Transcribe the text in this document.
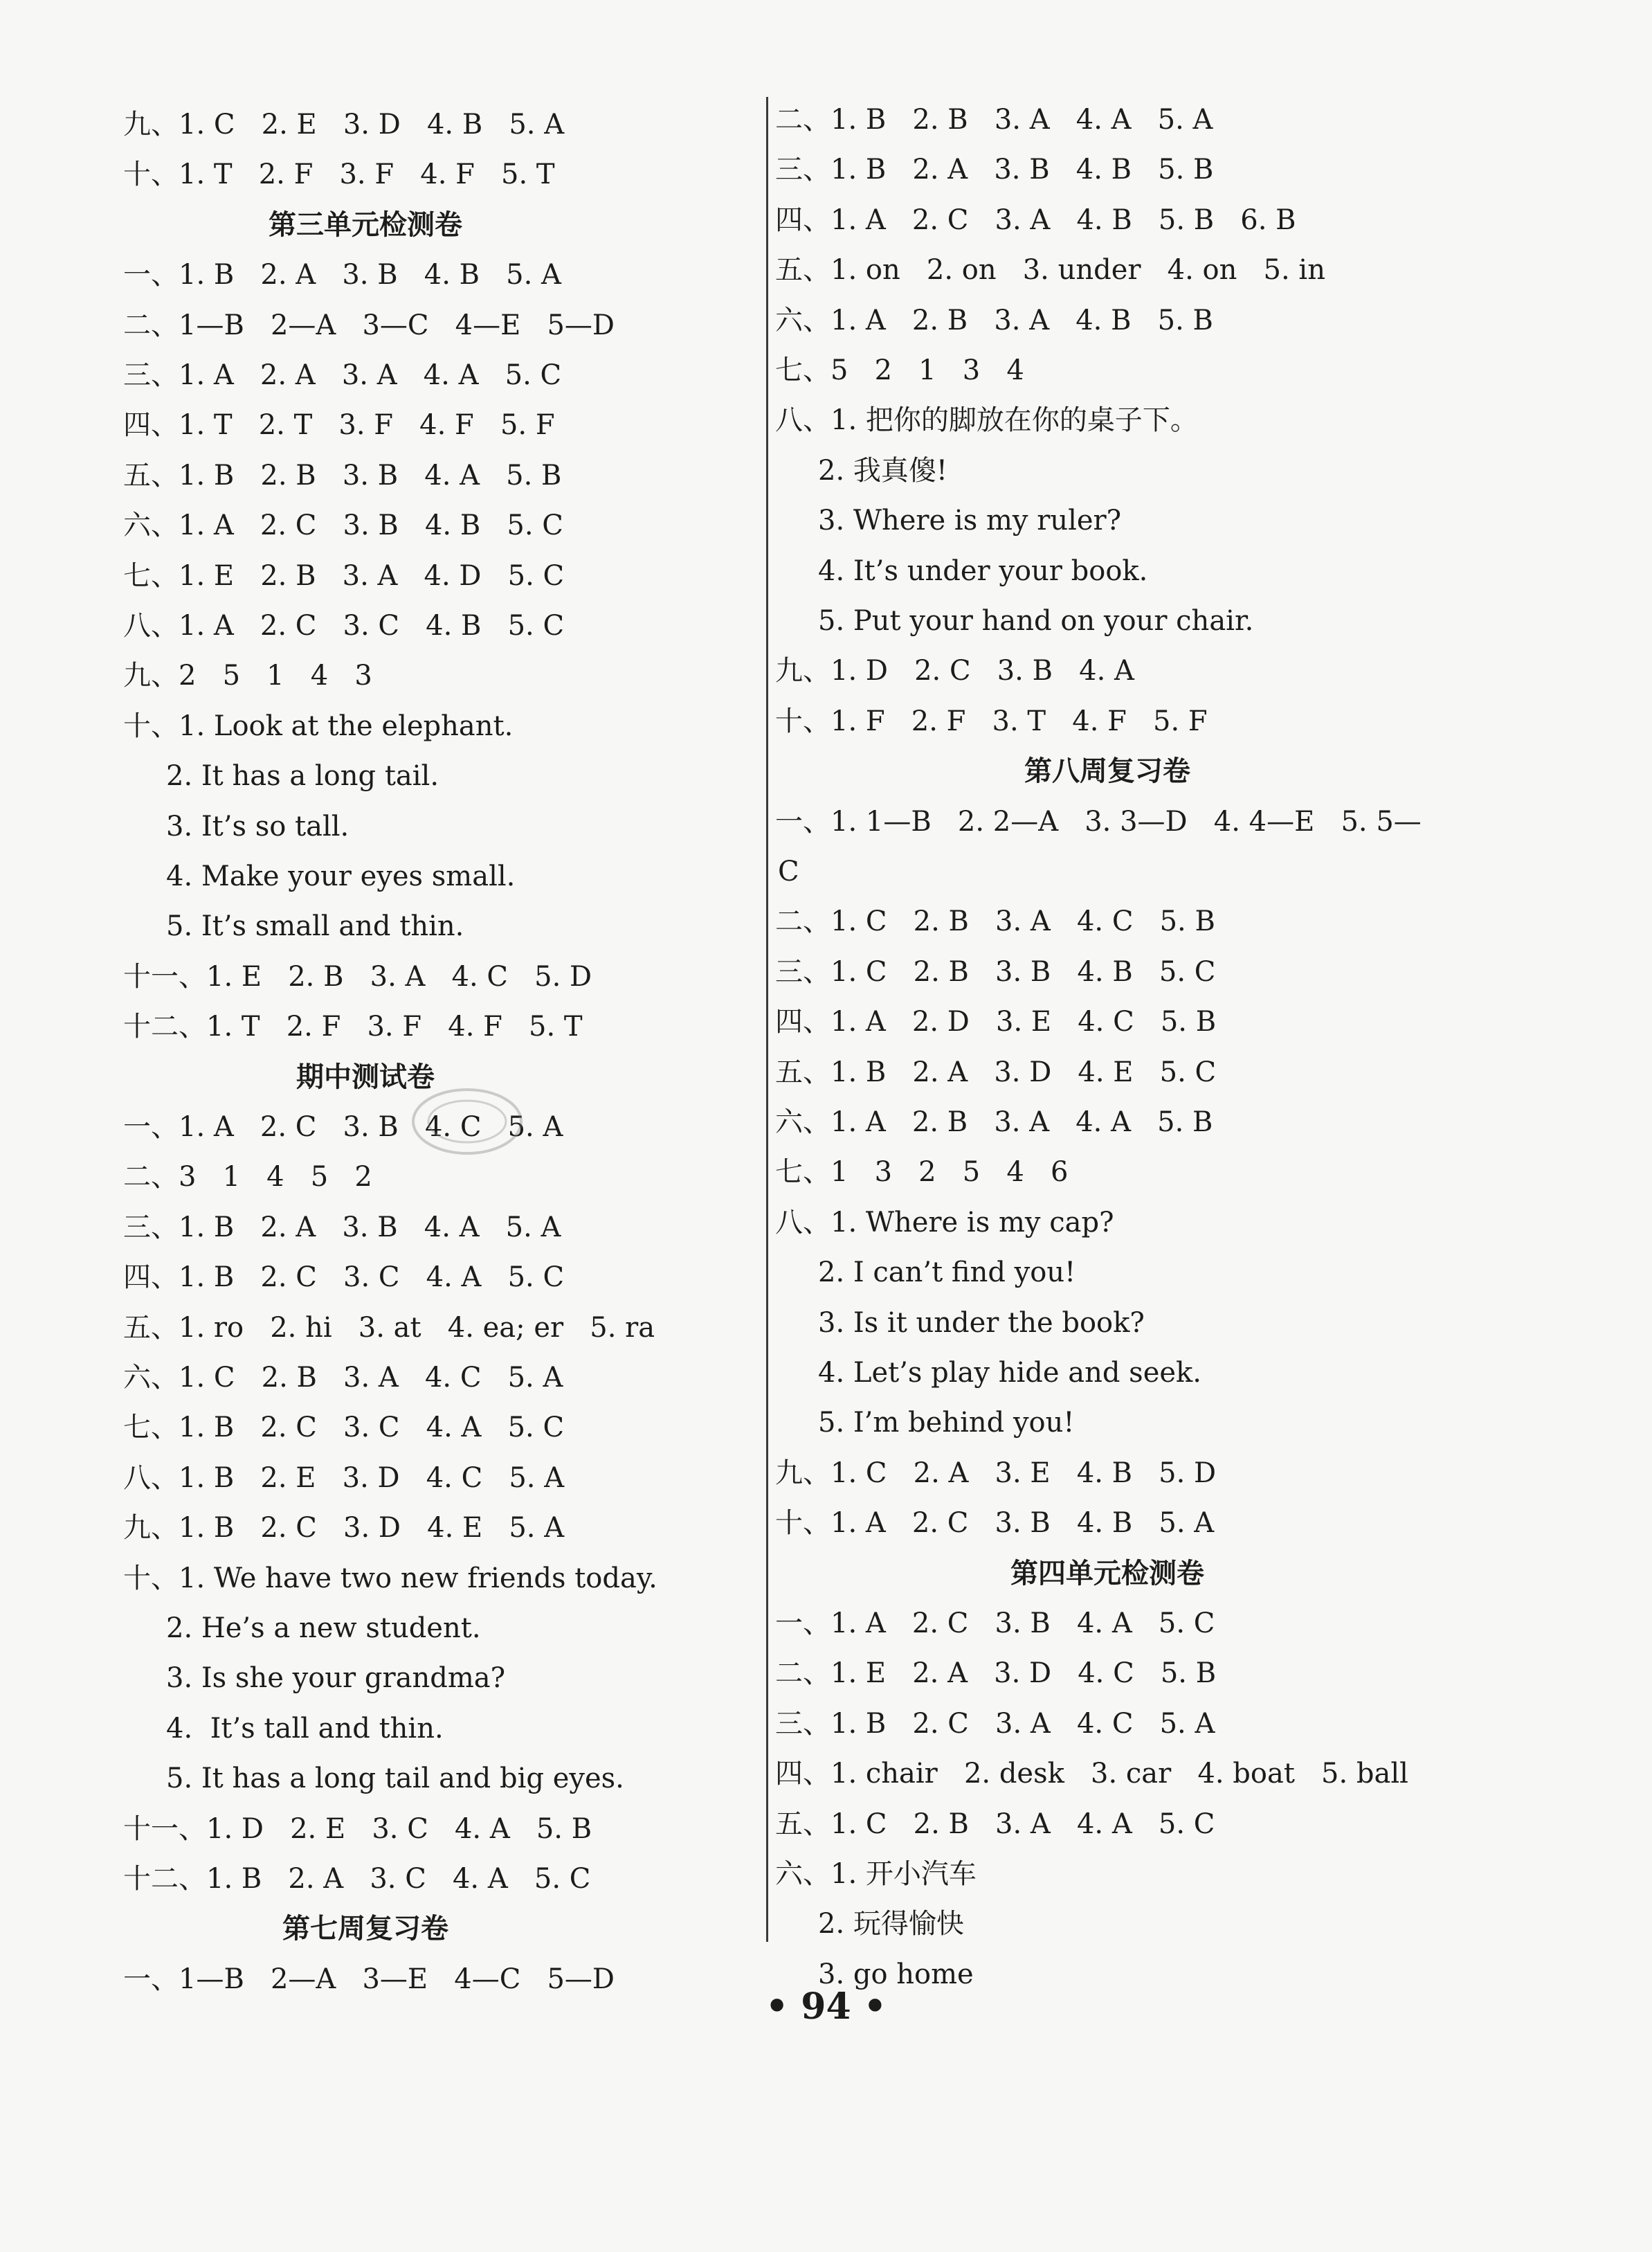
九、1. C   2. E   3. D   4. B   5. A
十、1. T   2. F   3. F   4. F   5. T
第三单元检测卷
一、1. B   2. A   3. B   4. B   5. A
二、1—B   2—A   3—C   4—E   5—D
三、1. A   2. A   3. A   4. A   5. C
四、1. T   2. T   3. F   4. F   5. F
五、1. B   2. B   3. B   4. A   5. B
六、1. A   2. C   3. B   4. B   5. C
七、1. E   2. B   3. A   4. D   5. C
八、1. A   2. C   3. C   4. B   5. C
九、2   5   1   4   3
十、1. Look at the elephant.
2. It has a long tail.
3. It’s so tall.
4. Make your eyes small.
5. It’s small and thin.
十一、1. E   2. B   3. A   4. C   5. D
十二、1. T   2. F   3. F   4. F   5. T
期中测试卷
一、1. A   2. C   3. B   4. C   5. A
二、3   1   4   5   2
三、1. B   2. A   3. B   4. A   5. A
四、1. B   2. C   3. C   4. A   5. C
五、1. ro   2. hi   3. at   4. ea; er   5. ra
六、1. C   2. B   3. A   4. C   5. A
七、1. B   2. C   3. C   4. A   5. C
八、1. B   2. E   3. D   4. C   5. A
九、1. B   2. C   3. D   4. E   5. A
十、1. We have two new friends today.
2. He’s a new student.
3. Is she your grandma?
4.  It’s tall and thin.
5. It has a long tail and big eyes.
十一、1. D   2. E   3. C   4. A   5. B
十二、1. B   2. A   3. C   4. A   5. C
第七周复习卷
一、1—B   2—A   3—E   4—C   5—D
二、1. B   2. B   3. A   4. A   5. A
三、1. B   2. A   3. B   4. B   5. B
四、1. A   2. C   3. A   4. B   5. B   6. B
五、1. on   2. on   3. under   4. on   5. in
六、1. A   2. B   3. A   4. B   5. B
七、5   2   1   3   4
八、1. 把你的脚放在你的桌子下。
2. 我真傻!
3. Where is my ruler?
4. It’s under your book.
5. Put your hand on your chair.
九、1. D   2. C   3. B   4. A
十、1. F   2. F   3. T   4. F   5. F
第八周复习卷
一、1. 1—B   2. 2—A   3. 3—D   4. 4—E   5. 5—
C
二、1. C   2. B   3. A   4. C   5. B
三、1. C   2. B   3. B   4. B   5. C
四、1. A   2. D   3. E   4. C   5. B
五、1. B   2. A   3. D   4. E   5. C
六、1. A   2. B   3. A   4. A   5. B
七、1   3   2   5   4   6
八、1. Where is my cap?
2. I can’t find you!
3. Is it under the book?
4. Let’s play hide and seek.
5. I’m behind you!
九、1. C   2. A   3. E   4. B   5. D
十、1. A   2. C   3. B   4. B   5. A
第四单元检测卷
一、1. A   2. C   3. B   4. A   5. C
二、1. E   2. A   3. D   4. C   5. B
三、1. B   2. C   3. A   4. C   5. A
四、1. chair   2. desk   3. car   4. boat   5. ball
五、1. C   2. B   3. A   4. A   5. C
六、1. 开小汽车
2. 玩得愉快
3. go home
• 94 •
